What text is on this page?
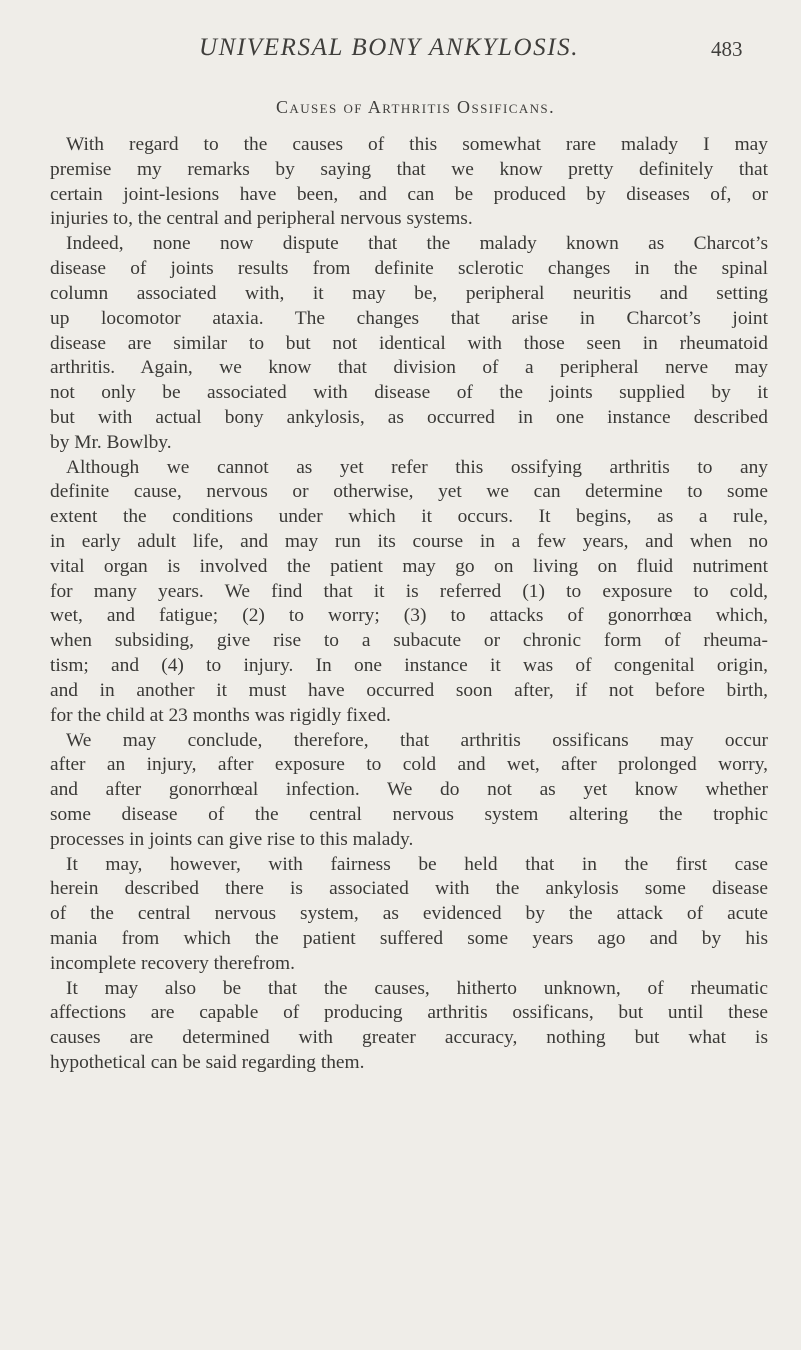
UNIVERSAL BONY ANKYLOSIS.	483
Causes of Arthritis Ossificans.
With regard to the causes of this somewhat rare malady I may
premise my remarks by saying that we know pretty definitely that
certain joint-lesions have been, and can be produced by diseases of, or
injuries to, the central and peripheral nervous systems.
Indeed, none now dispute that the malady known as Charcot’s
disease of joints results from definite sclerotic changes in the spinal
column associated with, it may be, peripheral neuritis and setting
up locomotor ataxia. The changes that arise in Charcot’s joint
disease are similar to but not identical with those seen in rheumatoid
arthritis. Again, we know that division of a peripheral nerve may
not only be associated with disease of the joints supplied by it
but with actual bony ankylosis, as occurred in one instance described
by Mr. Bowlby.
Although we cannot as yet refer this ossifying arthritis to any
definite cause, nervous or otherwise, yet we can determine to some
extent the conditions under which it occurs. It begins, as a rule,
in early adult life, and may run its course in a few years, and when no
vital organ is involved the patient may go on living on fluid nutriment
for many years. We find that it is referred (1) to exposure to cold,
wet, and fatigue; (2) to worry; (3) to attacks of gonorrhœa which,
when subsiding, give rise to a subacute or chronic form of rheuma-
tism; and (4) to injury. In one instance it was of congenital origin,
and in another it must have occurred soon after, if not before birth,
for the child at 23 months was rigidly fixed.
We may conclude, therefore, that arthritis ossificans may occur
after an injury, after exposure to cold and wet, after prolonged worry,
and after gonorrhœal infection. We do not as yet know whether
some disease of the central nervous system altering the trophic
processes in joints can give rise to this malady.
It may, however, with fairness be held that in the first case
herein described there is associated with the ankylosis some disease
of the central nervous system, as evidenced by the attack of acute
mania from which the patient suffered some years ago and by his
incomplete recovery therefrom.
It may also be that the causes, hitherto unknown, of rheumatic
affections are capable of producing arthritis ossificans, but until these
causes are determined with greater accuracy, nothing but what is
hypothetical can be said regarding them.
